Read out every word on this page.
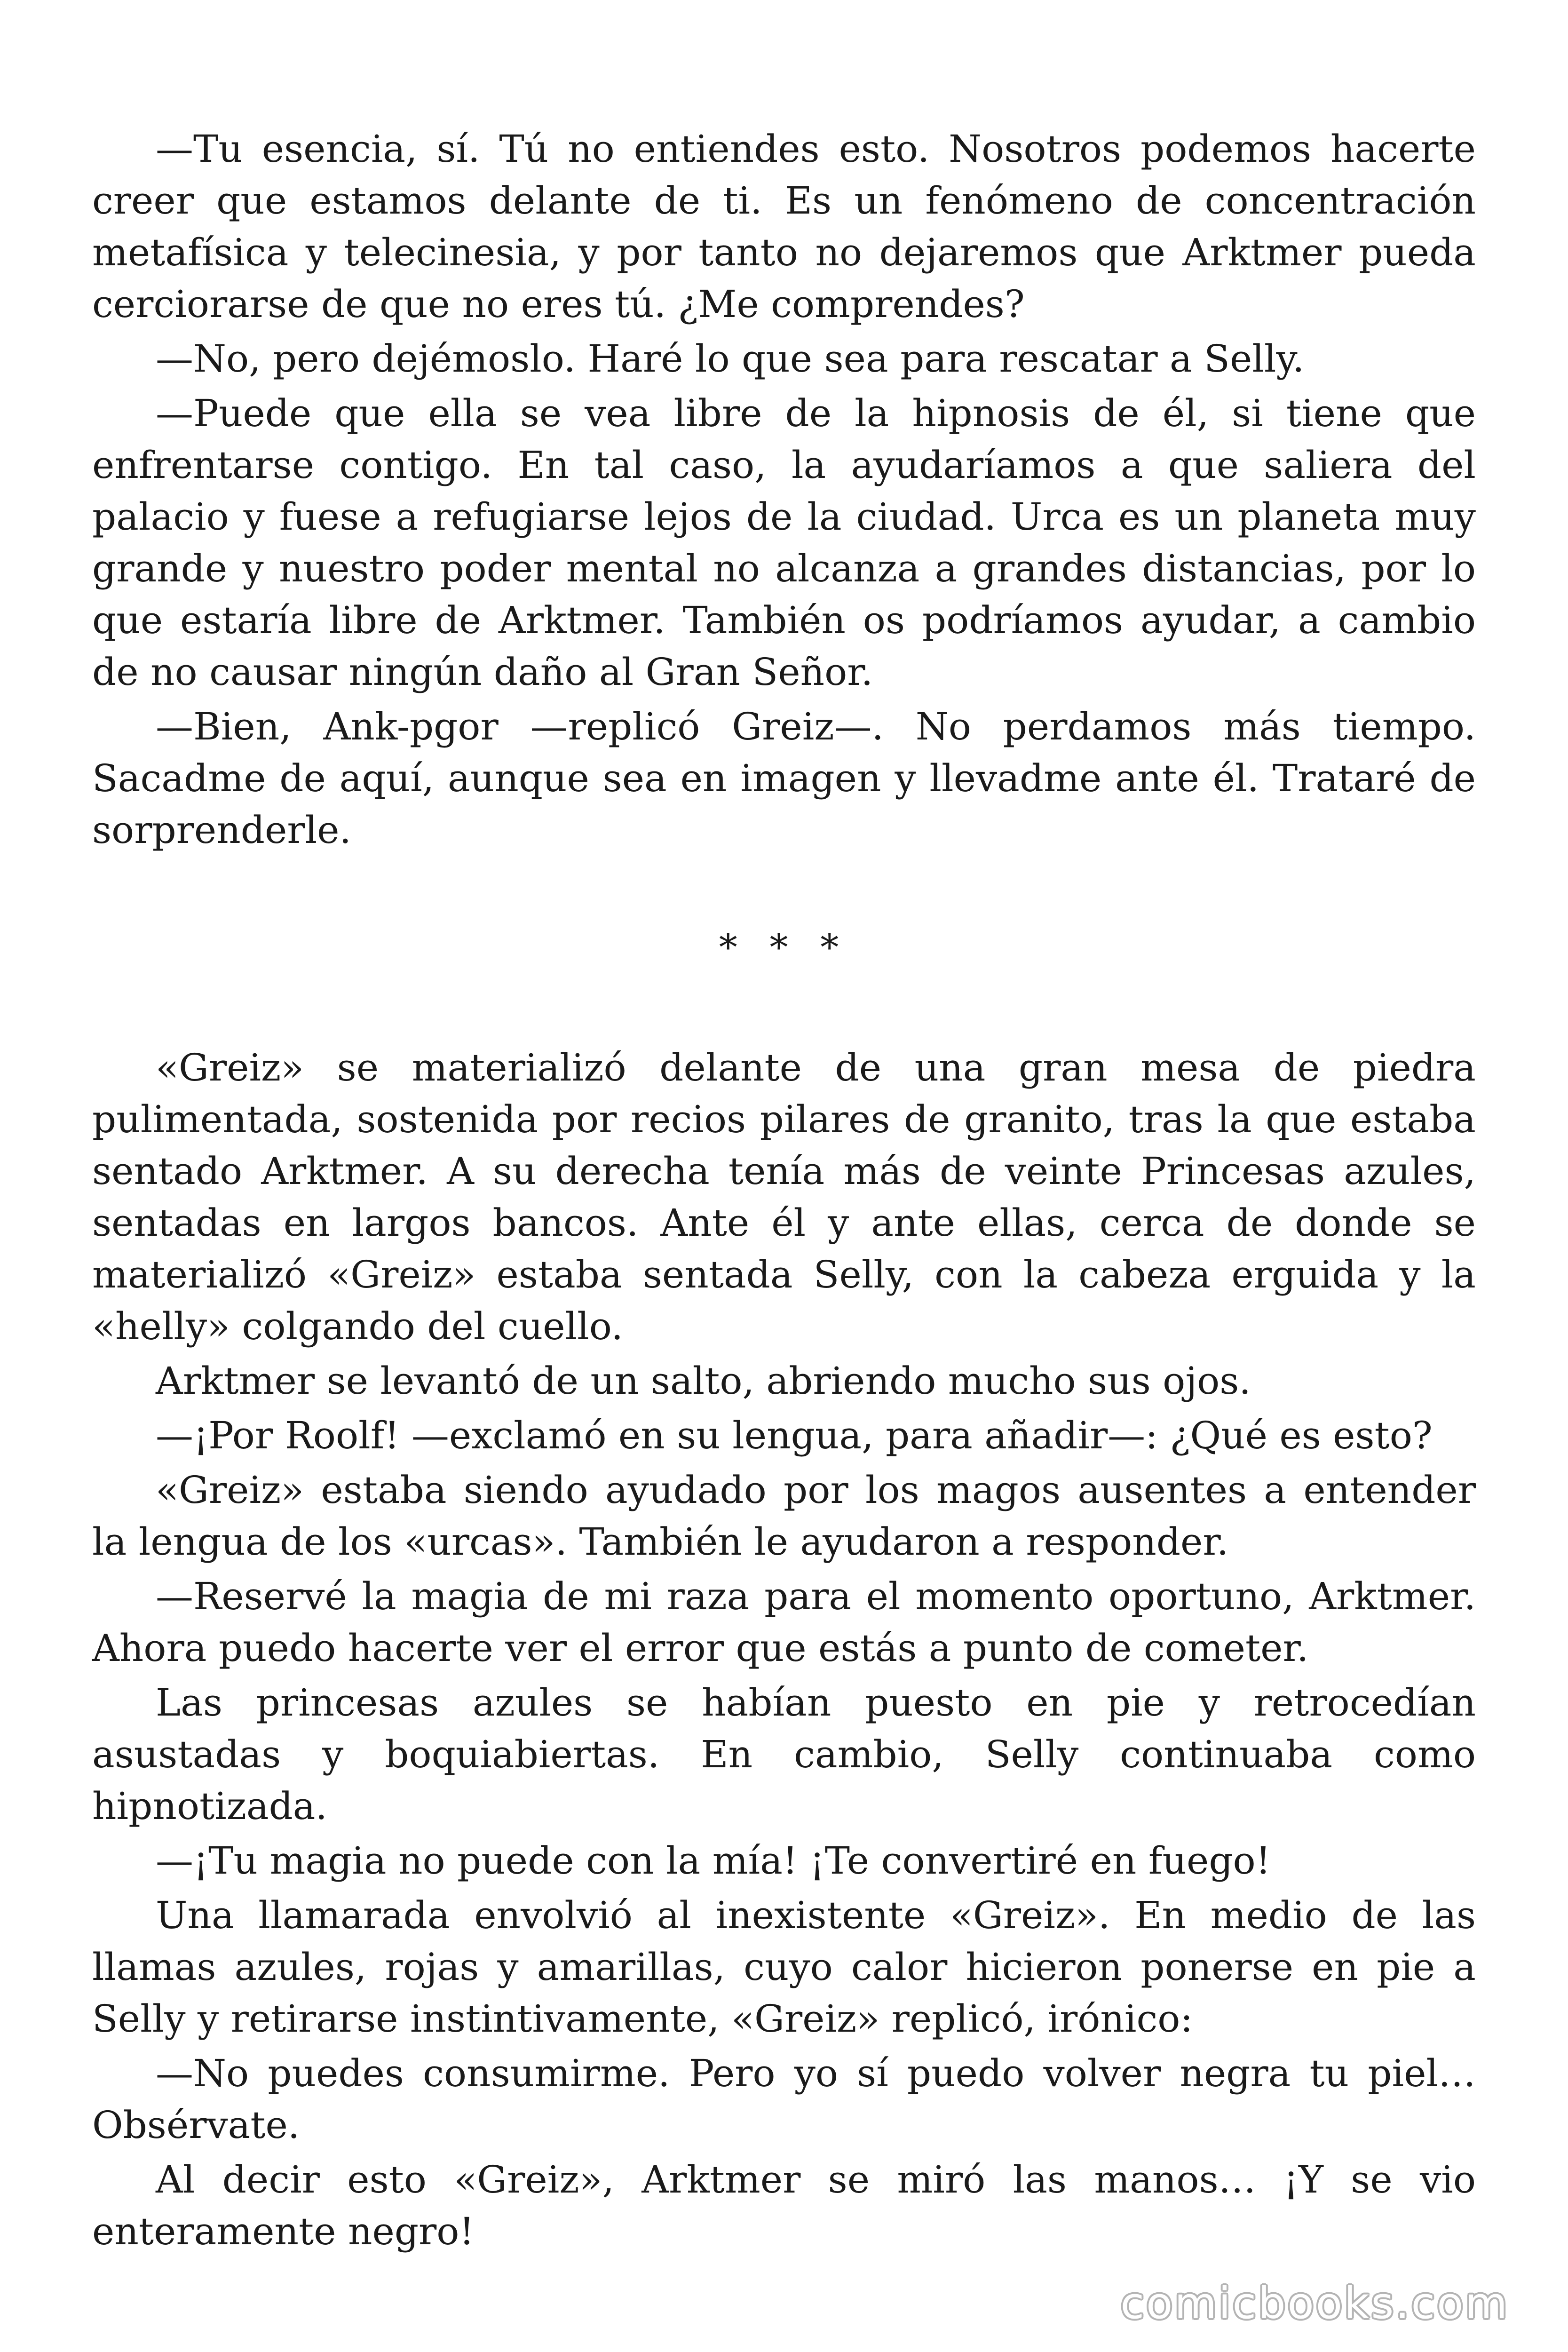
—Tu esencia, sí. Tú no entiendes esto. Nosotros podemos hacerte creer que estamos delante de ti. Es un fenómeno de concentración metafísica y telecinesia, y por tanto no dejaremos que Arktmer pueda cerciorarse de que no eres tú. ¿Me comprendes?

—No, pero dejémoslo. Haré lo que sea para rescatar a Selly.

—Puede que ella se vea libre de la hipnosis de él, si tiene que enfrentarse contigo. En tal caso, la ayudaríamos a que saliera del palacio y fuese a refugiarse lejos de la ciudad. Urca es un planeta muy grande y nuestro poder mental no alcanza a grandes distancias, por lo que estaría libre de Arktmer. También os podríamos ayudar, a cambio de no causar ningún daño al Gran Señor.

—Bien, Ank-pgor —replicó Greiz—. No perdamos más tiempo. Sacadme de aquí, aunque sea en imagen y llevadme ante él. Trataré de sorprenderle.

* * *

«Greiz» se materializó delante de una gran mesa de piedra pulimentada, sostenida por recios pilares de granito, tras la que estaba sentado Arktmer. A su derecha tenía más de veinte Princesas azules, sentadas en largos bancos. Ante él y ante ellas, cerca de donde se materializó «Greiz» estaba sentada Selly, con la cabeza erguida y la «helly» colgando del cuello.

Arktmer se levantó de un salto, abriendo mucho sus ojos.

—¡Por Roolf! —exclamó en su lengua, para añadir—: ¿Qué es esto?

«Greiz» estaba siendo ayudado por los magos ausentes a entender la lengua de los «urcas». También le ayudaron a responder.

—Reservé la magia de mi raza para el momento oportuno, Arktmer. Ahora puedo hacerte ver el error que estás a punto de cometer.

Las princesas azules se habían puesto en pie y retrocedían asustadas y boquiabiertas. En cambio, Selly continuaba como hipnotizada.

—¡Tu magia no puede con la mía! ¡Te convertiré en fuego!

Una llamarada envolvió al inexistente «Greiz». En medio de las llamas azules, rojas y amarillas, cuyo calor hicieron ponerse en pie a Selly y retirarse instintivamente, «Greiz» replicó, irónico:

—No puedes consumirme. Pero yo sí puedo volver negra tu piel… Obsérvate.

Al decir esto «Greiz», Arktmer se miró las manos… ¡Y se vio enteramente negro!

comicbooks.com
